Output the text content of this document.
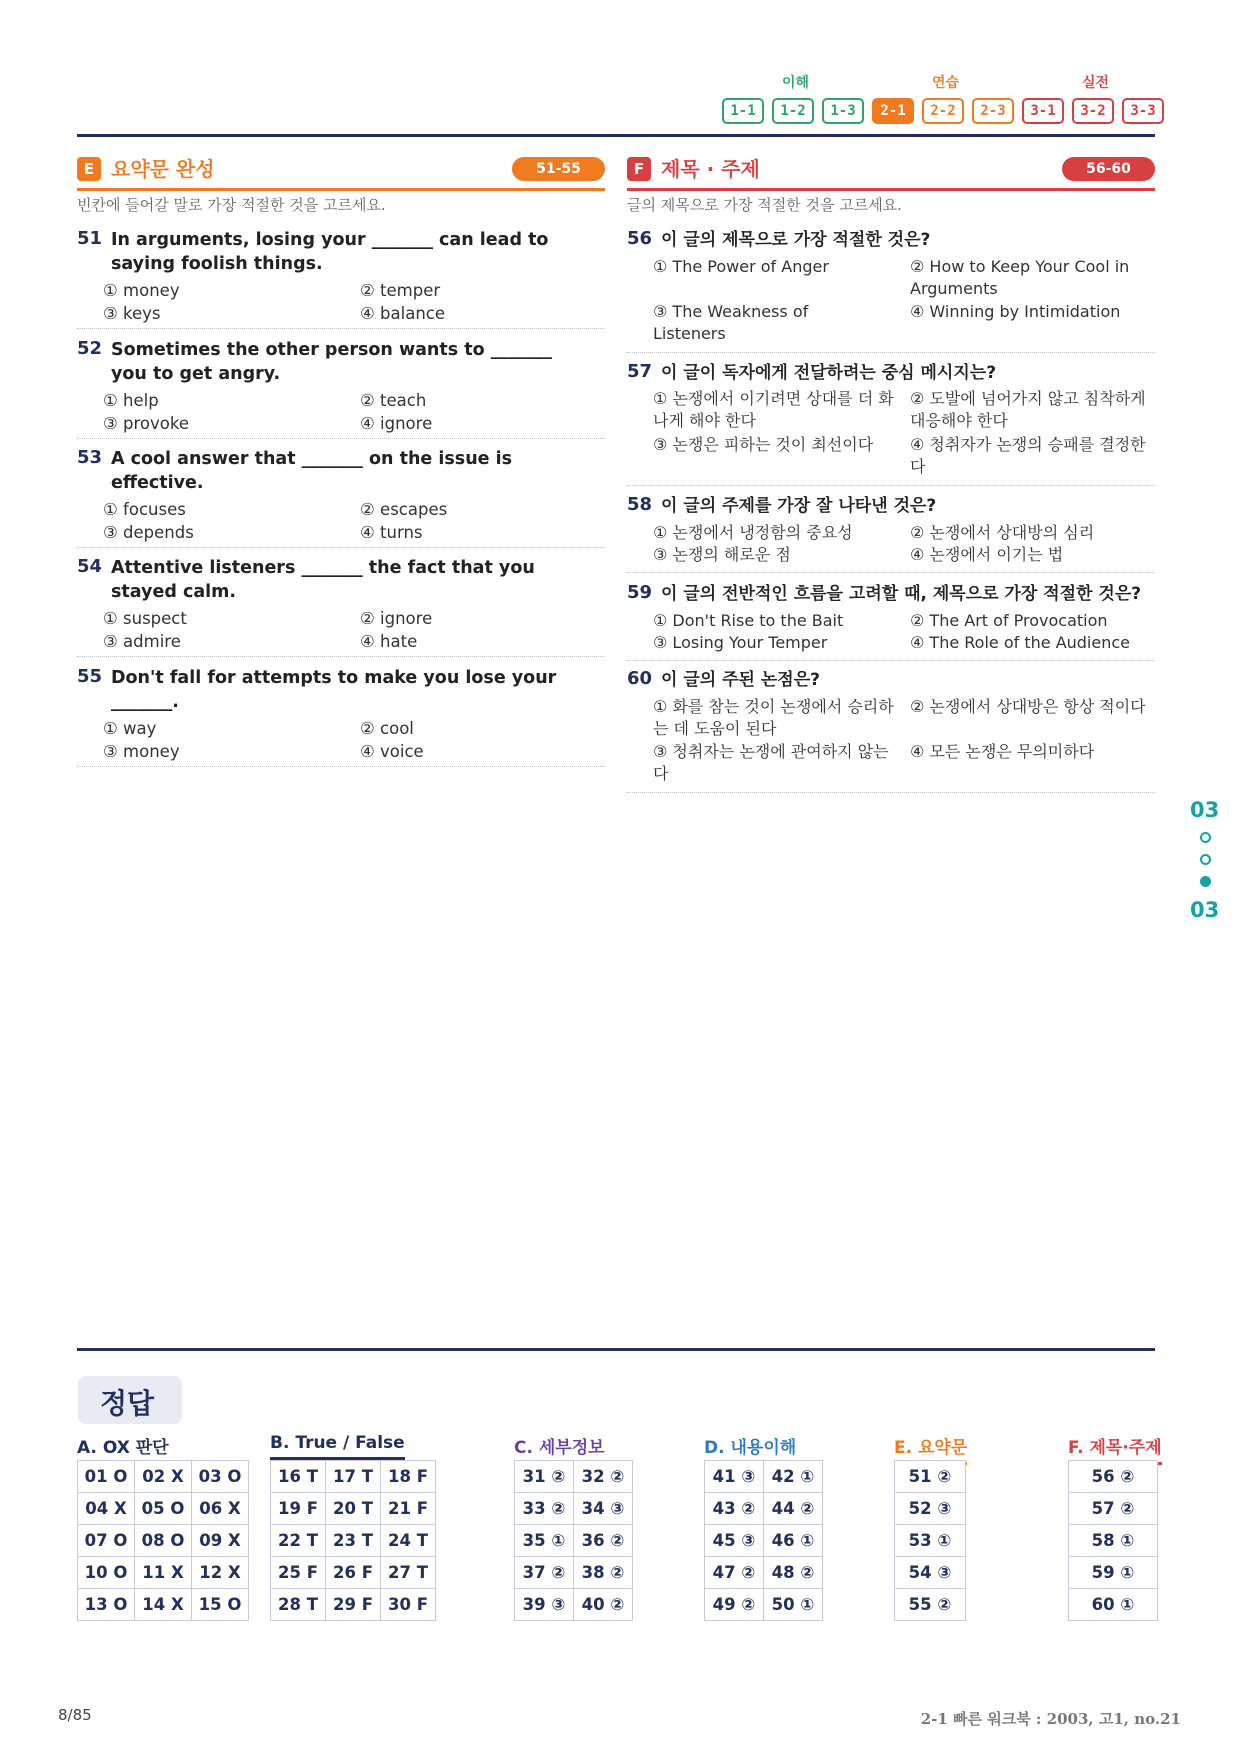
이해	연습	실전
1-1	1-2	1-3	2-1	2-2	2-3	3-1	3-2	3-3
E 요약문 완성	51-55
빈칸에 들어갈 말로 가장 적절한 것을 고르세요.
51 In arguments, losing your _______ can lead to saying foolish things.
① money	② temper
③ keys	④ balance
52 Sometimes the other person wants to _______ you to get angry.
① help	② teach
③ provoke	④ ignore
53 A cool answer that _______ on the issue is effective.
① focuses	② escapes
③ depends	④ turns
54 Attentive listeners _______ the fact that you stayed calm.
① suspect	② ignore
③ admire	④ hate
55 Don't fall for attempts to make you lose your _______.
① way	② cool
③ money	④ voice
F 제목 · 주제	56-60
글의 제목으로 가장 적절한 것을 고르세요.
56 이 글의 제목으로 가장 적절한 것은?
① The Power of Anger	② How to Keep Your Cool in Arguments
③ The Weakness of Listeners
④ Winning by Intimidation
57 이 글이 독자에게 전달하려는 중심 메시지는?
① 논쟁에서 이기려면 상대를 더 화나게 해야 한다
② 도발에 넘어가지 않고 침착하게 대응해야 한다
③ 논쟁은 피하는 것이 최선이다	④ 청취자가 논쟁의 승패를 결정한다
58 이 글의 주제를 가장 잘 나타낸 것은?
① 논쟁에서 냉정함의 중요성	② 논쟁에서 상대방의 심리
③ 논쟁의 해로운 점	④ 논쟁에서 이기는 법
59 이 글의 전반적인 흐름을 고려할 때, 제목으로 가장 적절한 것은?
① Don't Rise to the Bait	② The Art of Provocation
③ Losing Your Temper	④ The Role of the Audience
60 이 글의 주된 논점은?
① 화를 참는 것이 논쟁에서 승리하는 데 도움이 된다
② 논쟁에서 상대방은 항상 적이다
③ 청취자는 논쟁에 관여하지 않는다
④ 모든 논쟁은 무의미하다
03
03
정답
A. OX 판단	B. True / False	C. 세부정보	D. 내용이해	E. 요약문	F. 제목·주제
01 O 02 X 03 O
04 X 05 O 06 X
07 O 08 O 09 X
10 O 11 X 12 X
13 O 14 X 15 O
16 T 17 T 18 F
19 F 20 T 21 F
22 T 23 T 24 T
25 F 26 F 27 T
28 T 29 F 30 F
31 ② 32 ②
33 ② 34 ③
35 ① 36 ②
37 ② 38 ②
39 ③ 40 ②
41 ③ 42 ①
43 ② 44 ②
45 ③ 46 ①
47 ② 48 ②
49 ② 50 ①
51 ②
52 ③
53 ①
54 ③
55 ②
56 ②
57 ②
58 ①
59 ①
60 ①
8/85	2-1 빠른 워크북 : 2003, 고1, no.21
